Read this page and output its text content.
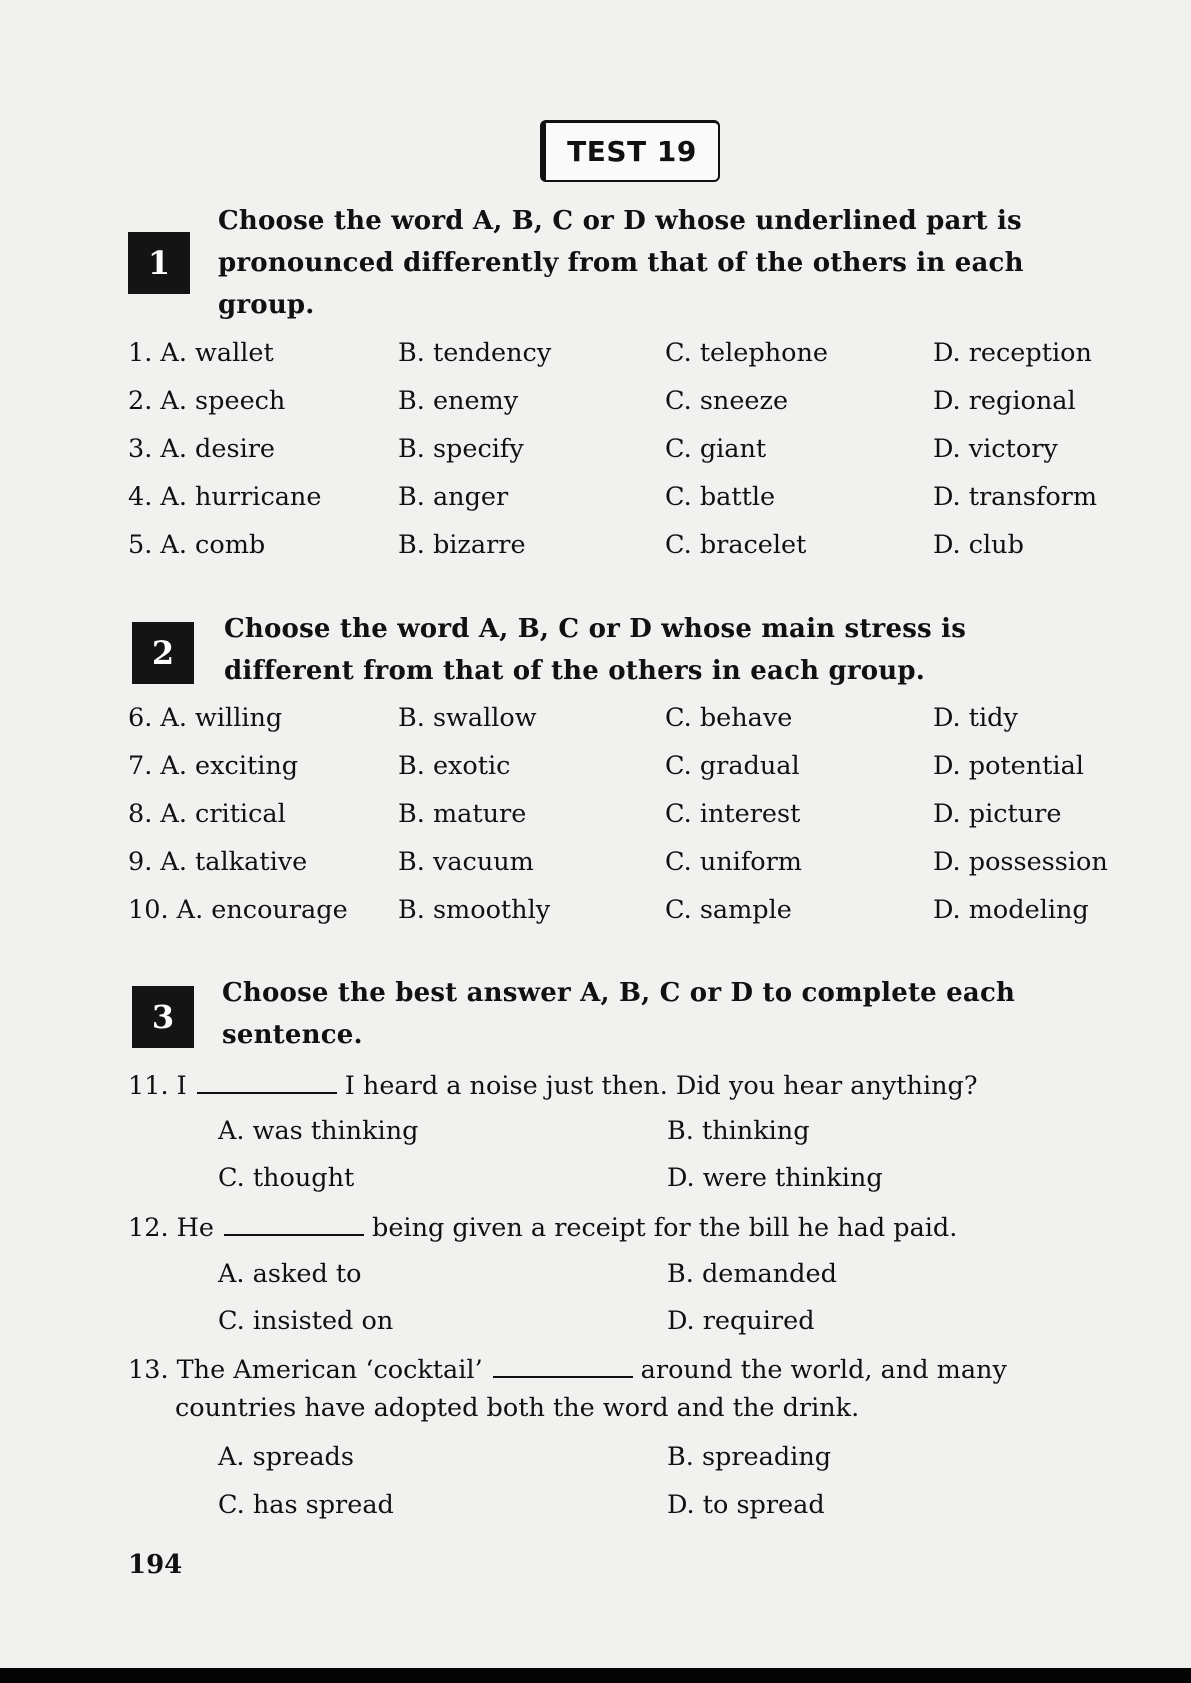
TEST 19
1
Choose the word A, B, C or D whose underlined part is
pronounced differently from that of the others in each
group.
1. A. wallet	B. tendency	C. telephone	D. reception
2. A. speech	B. enemy	C. sneeze	D. regional
3. A. desire	B. specify	C. giant	D. victory
4. A. hurricane	B. anger	C. battle	D. transform
5. A. comb	B. bizarre	C. bracelet	D. club
2
Choose the word A, B, C or D whose main stress is
different from that of the others in each group.
6. A. willing	B. swallow	C. behave	D. tidy
7. A. exciting	B. exotic	C. gradual	D. potential
8. A. critical	B. mature	C. interest	D. picture
9. A. talkative	B. vacuum	C. uniform	D. possession
10. A. encourage B. smoothly	C. sample	D. modeling
3
Choose the best answer A, B, C or D to complete each
sentence.
11. I	I heard a noise just then. Did you hear anything?
A. was thinking	B. thinking
C. thought	D. were thinking
12. He	being given a receipt for the bill he had paid.
A. asked to	B. demanded
C. insisted on	D. required
13. The American ‘cocktail’	around the world, and many
countries have adopted both the word and the drink.
A. spreads	B. spreading
C. has spread	D. to spread
194
